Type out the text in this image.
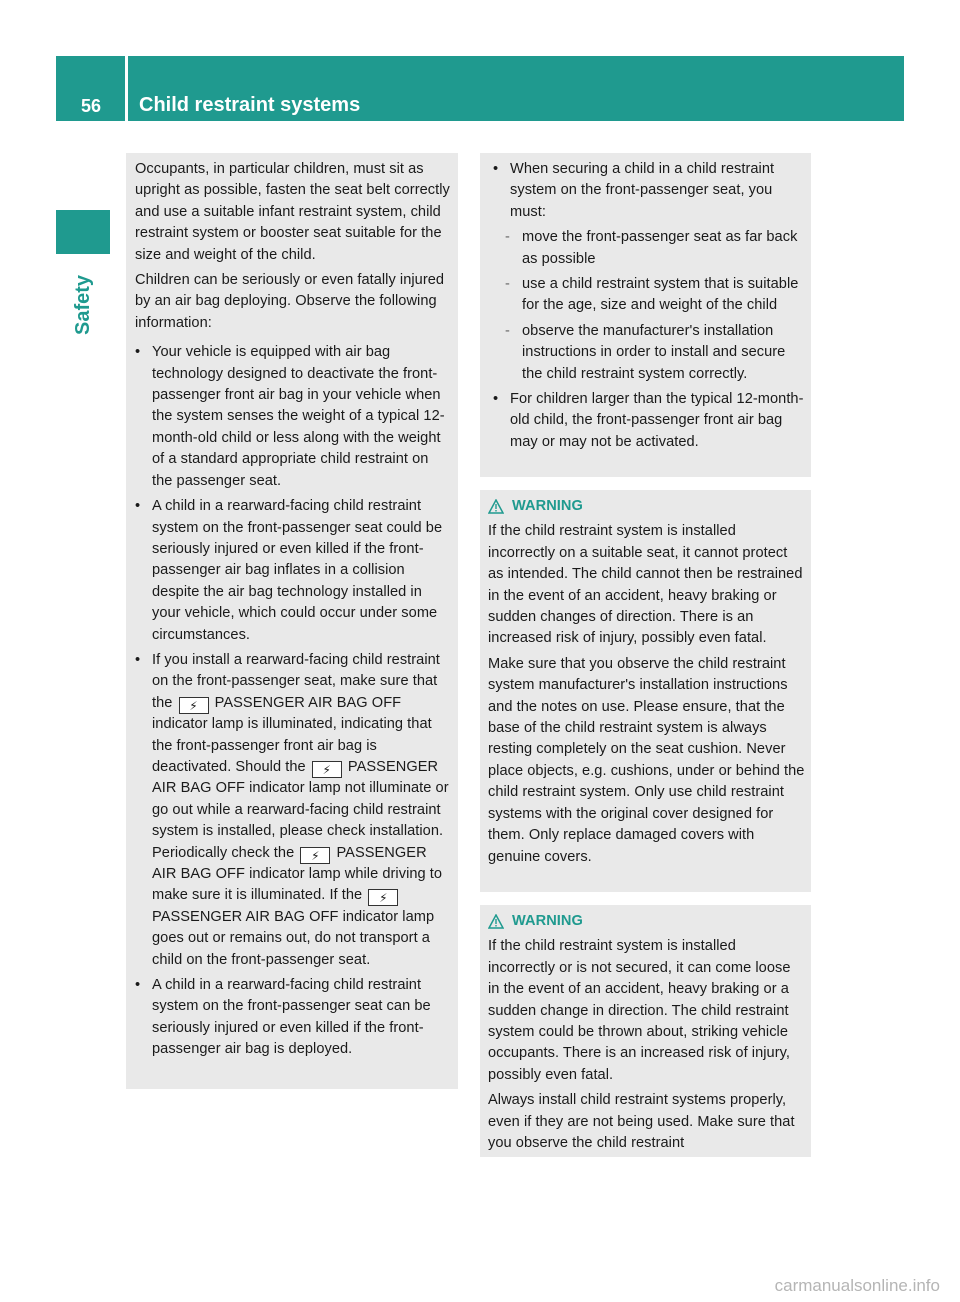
56	Child restraint systems
Safety

Occupants, in particular children, must sit as upright as possible, fasten the seat belt correctly and use a suitable infant restraint system, child restraint system or booster seat suitable for the size and weight of the child.

Children can be seriously or even fatally injured by an air bag deploying. Observe the following information:

• Your vehicle is equipped with air bag technology designed to deactivate the front-passenger front air bag in your vehicle when the system senses the weight of a typical 12-month-old child or less along with the weight of a standard appropriate child restraint on the passenger seat.
• A child in a rearward-facing child restraint system on the front-passenger seat could be seriously injured or even killed if the front-passenger air bag inflates in a collision despite the air bag technology installed in your vehicle, which could occur under some circumstances.
• If you install a rearward-facing child restraint on the front-passenger seat, make sure that the ⚡ PASSENGER AIR BAG OFF indicator lamp is illuminated, indicating that the front-passenger front air bag is deactivated. Should the ⚡ PASSENGER AIR BAG OFF indicator lamp not illuminate or go out while a rearward-facing child restraint system is installed, please check installation. Periodically check the ⚡ PASSENGER AIR BAG OFF indicator lamp while driving to make sure it is illuminated. If the ⚡ PASSENGER AIR BAG OFF indicator lamp goes out or remains out, do not transport a child on the front-passenger seat.
• A child in a rearward-facing child restraint system on the front-passenger seat can be seriously injured or even killed if the front-passenger air bag is deployed.
• When securing a child in a child restraint system on the front-passenger seat, you must:
- move the front-passenger seat as far back as possible
- use a child restraint system that is suitable for the age, size and weight of the child
- observe the manufacturer's installation instructions in order to install and secure the child restraint system correctly.
• For children larger than the typical 12-month-old child, the front-passenger front air bag may or may not be activated.
WARNING

If the child restraint system is installed incorrectly on a suitable seat, it cannot protect as intended. The child cannot then be restrained in the event of an accident, heavy braking or sudden changes of direction. There is an increased risk of injury, possibly even fatal.

Make sure that you observe the child restraint system manufacturer's installation instructions and the notes on use. Please ensure, that the base of the child restraint system is always resting completely on the seat cushion. Never place objects, e.g. cushions, under or behind the child restraint system. Only use child restraint systems with the original cover designed for them. Only replace damaged covers with genuine covers.

WARNING

If the child restraint system is installed incorrectly or is not secured, it can come loose in the event of an accident, heavy braking or a sudden change in direction. The child restraint system could be thrown about, striking vehicle occupants. There is an increased risk of injury, possibly even fatal.

Always install child restraint systems properly, even if they are not being used. Make sure that you observe the child restraint

carmanualsonline.info
